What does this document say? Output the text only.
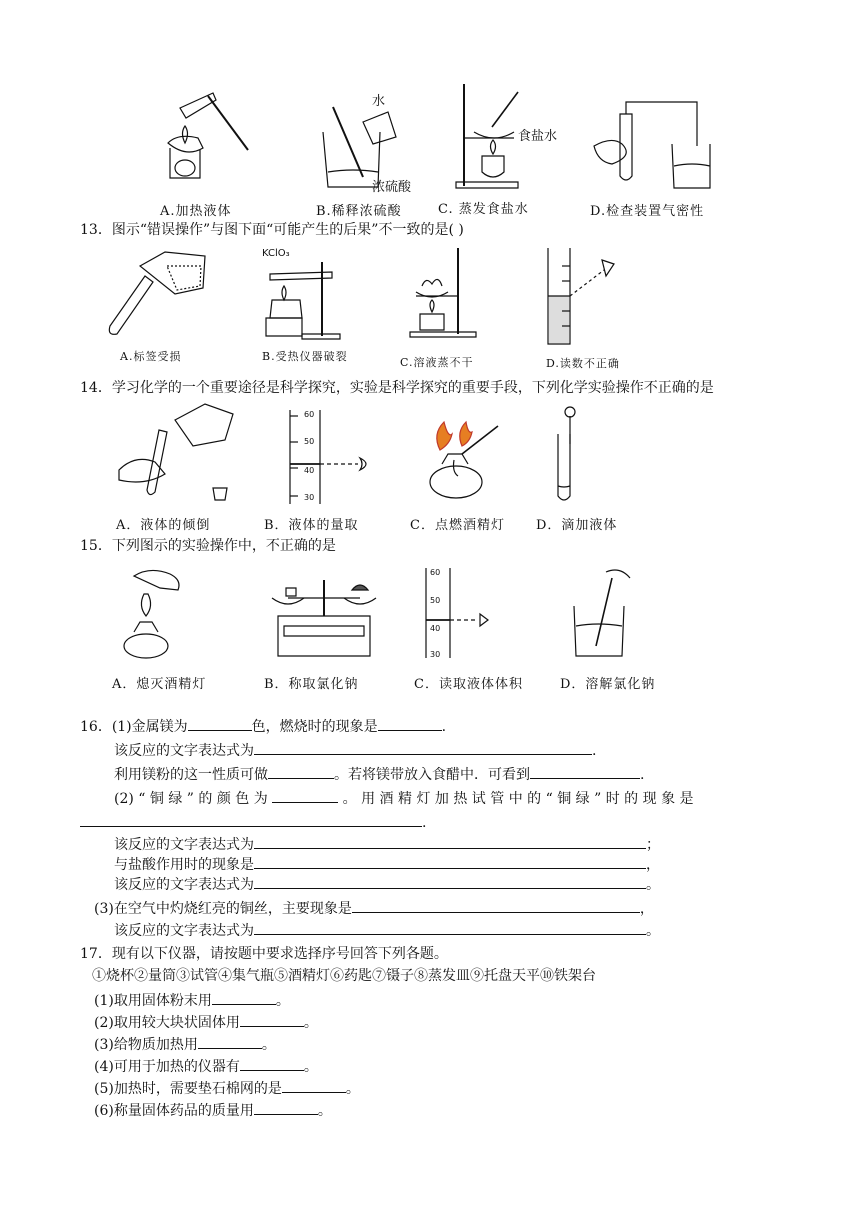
水
浓硫酸
食盐水
A.加热液体	B.稀释浓硫酸	C. 蒸发食盐水	D.检查装置气密性
13．图示“错误操作”与图下面“可能产生的后果”不一致的是( )
KClO₃
A.标签受损	B.受热仪器破裂	C.溶液蒸不干	D.读数不正确
14．学习化学的一个重要途径是科学探究，实验是科学探究的重要手段，下列化学实验操作不正确的是
60
50
40
30
A．液体的倾倒	B．液体的量取	C．点燃酒精灯 D．滴加液体
15．下列图示的实验操作中，不正确的是
60
50
40
30
A．熄灭酒精灯	B．称取氯化钠	C．读取液体体积	D．溶解氯化钠
16．(1)金属镁为	色，燃烧时的现象是	.
该反应的文字表达式为	.
利用镁粉的这一性质可做	。若将镁带放入食醋中．可看到	.
(2) “ 铜 绿 ” 的 颜 色 为	。 用 酒 精 灯 加 热 试 管 中 的 “ 铜 绿 ” 时 的 现 象 是
.
该反应的文字表达式为	；
与盐酸作用时的现象是	，
该反应的文字表达式为	。
(3)在空气中灼烧红亮的铜丝，主要现象是	，
该反应的文字表达式为	。
17．现有以下仪器，请按题中要求选择序号回答下列各题。
①烧杯②量筒③试管④集气瓶⑤酒精灯⑥药匙⑦镊子⑧蒸发皿⑨托盘天平⑩铁架台
(1)取用固体粉末用	。
(2)取用较大块状固体用	。
(3)给物质加热用	。
(4)可用于加热的仪器有	。
(5)加热时，需要垫石棉网的是	。
(6)称量固体药品的质量用	。
